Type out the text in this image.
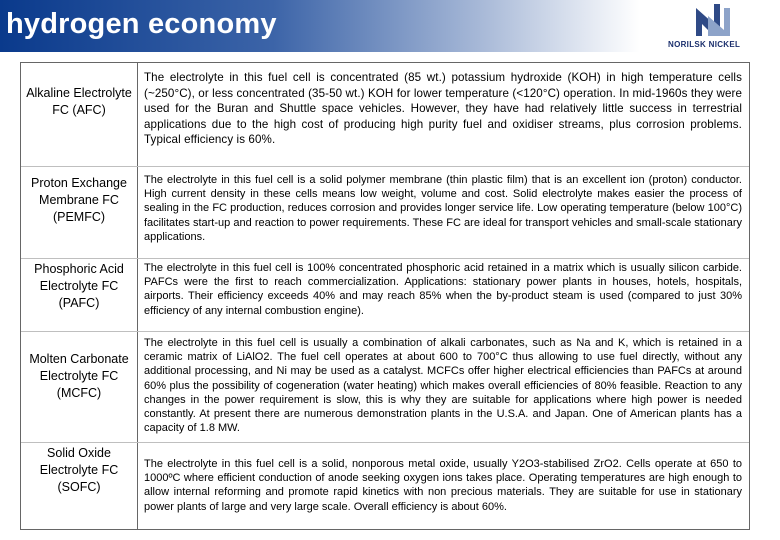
hydrogen economy
NORILSK NICKEL
Alkaline Electrolyte FC (AFC)
The electrolyte in this fuel cell is concentrated (85 wt.) potassium hydroxide (KOH) in high temperature cells (~250°C), or less concentrated (35-50 wt.) KOH for lower temperature (<120°C) operation. In mid-1960s they were used for the Buran and Shuttle space vehicles. However, they have had relatively little success in terrestrial applications due to the high cost of producing high purity fuel and oxidiser streams, plus corrosion problems. Typical efficiency is 60%.
Proton Exchange Membrane FC (PEMFC)
The electrolyte in this fuel cell is a solid polymer membrane (thin plastic film) that is an excellent ion (proton) conductor. High current density in these cells means low weight, volume and cost. Solid electrolyte makes easier the process of sealing in the FC production, reduces corrosion and provides longer service life. Low operating temperature (below 100°C) facilitates start-up and reaction to power requirements. These FC are ideal for transport vehicles and small-scale stationary applications.
Phosphoric Acid Electrolyte FC (PAFC)
The electrolyte in this fuel cell is 100% concentrated phosphoric acid retained in a matrix which is usually silicon carbide. PAFCs were the first to reach commercialization. Applications: stationary power plants in houses, hotels, hospitals, airports. Their efficiency exceeds 40% and may reach 85% when the by-product steam is used (compared to just 30% efficiency of any internal combustion engine).
Molten Carbonate Electrolyte FC (MCFC)
The electrolyte in this fuel cell is usually a combination of alkali carbonates, such as Na and K, which is retained in a ceramic matrix of LiAlO2. The fuel cell operates at about 600 to 700°C thus allowing to use fuel directly, without any additional processing, and Ni may be used as a catalyst. MCFCs offer higher electrical efficiencies than PAFCs at around 60% plus the possibility of cogeneration (water heating) which makes overall efficiencies of 80% feasible. Reaction to any changes in the power requirement is slow, this is why they are suitable for applications where high power is needed constantly. At present there are numerous demonstration plants in the U.S.A. and Japan. One of American plants has a capacity of 1.8 MW.
Solid Oxide Electrolyte FC (SOFC)
The electrolyte in this fuel cell is a solid, nonporous metal oxide, usually Y2O3-stabilised ZrO2. Cells operate at 650 to 1000ºC where efficient conduction of anode seeking oxygen ions takes place. Operating temperatures are high enough to allow internal reforming and promote rapid kinetics with non precious materials. They are suitable for use in stationary power plants of large and very large scale. Overall efficiency is about 60%.
